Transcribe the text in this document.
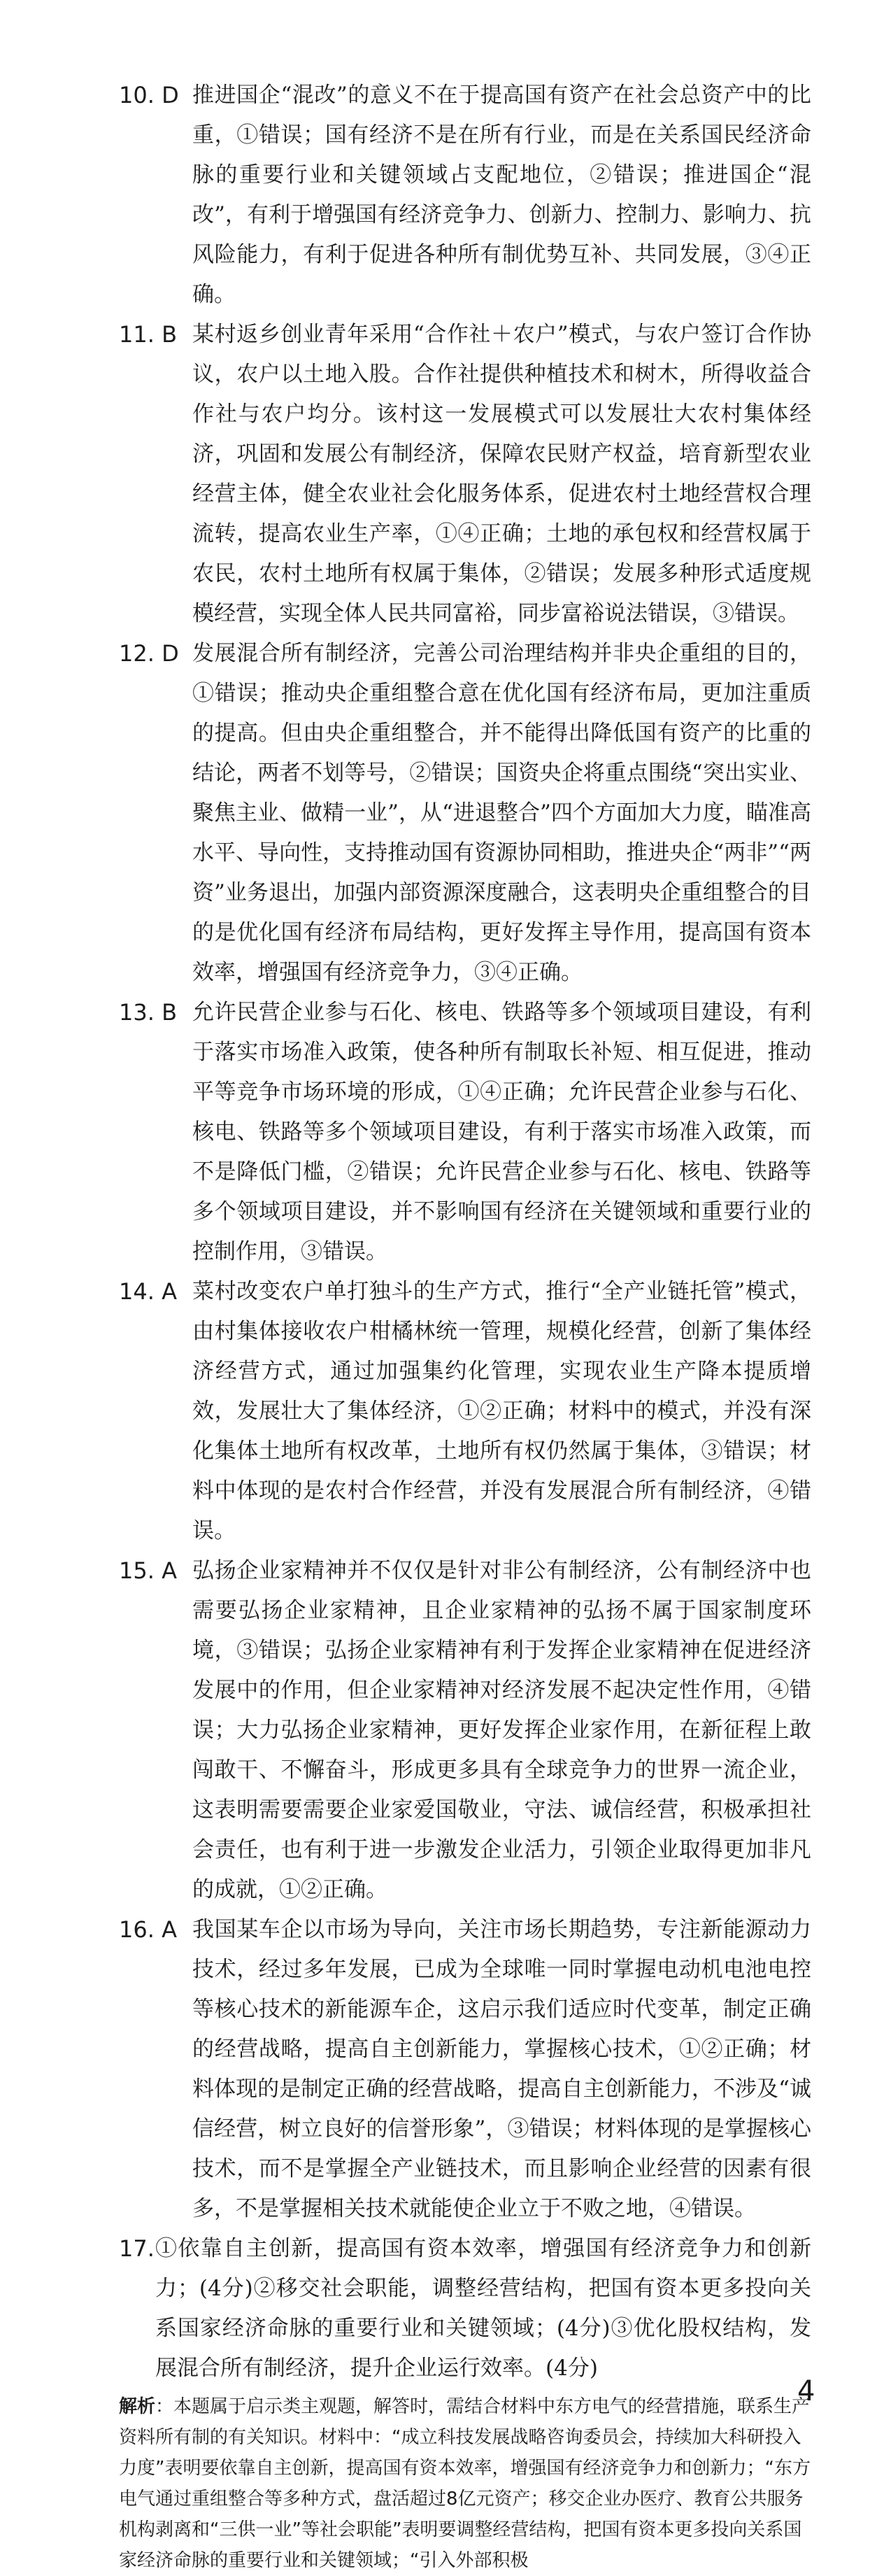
10. D 推进国企“混改”的意义不在于提高国有资产在社会总资产中的比重，①错误；国有经济不是在所有行业，而是在关系国民经济命脉的重要行业和关键领域占支配地位，②错误；推进国企“混改”，有利于增强国有经济竞争力、创新力、控制力、影响力、抗风险能力，有利于促进各种所有制优势互补、共同发展，③④正确。
11. B 某村返乡创业青年采用“合作社＋农户”模式，与农户签订合作协议，农户以土地入股。合作社提供种植技术和树木，所得收益合作社与农户均分。该村这一发展模式可以发展壮大农村集体经济，巩固和发展公有制经济，保障农民财产权益，培育新型农业经营主体，健全农业社会化服务体系，促进农村土地经营权合理流转，提高农业生产率，①④正确；土地的承包权和经营权属于农民，农村土地所有权属于集体，②错误；发展多种形式适度规模经营，实现全体人民共同富裕，同步富裕说法错误，③错误。
12. D 发展混合所有制经济，完善公司治理结构并非央企重组的目的，①错误；推动央企重组整合意在优化国有经济布局，更加注重质的提高。但由央企重组整合，并不能得出降低国有资产的比重的结论，两者不划等号，②错误；国资央企将重点围绕“突出实业、聚焦主业、做精一业”，从“进退整合”四个方面加大力度，瞄准高水平、导向性，支持推动国有资源协同相助，推进央企“两非”“两资”业务退出，加强内部资源深度融合，这表明央企重组整合的目的是优化国有经济布局结构，更好发挥主导作用，提高国有资本效率，增强国有经济竞争力，③④正确。
13. B 允许民营企业参与石化、核电、铁路等多个领域项目建设，有利于落实市场准入政策，使各种所有制取长补短、相互促进，推动平等竞争市场环境的形成，①④正确；允许民营企业参与石化、核电、铁路等多个领域项目建设，有利于落实市场准入政策，而不是降低门槛，②错误；允许民营企业参与石化、核电、铁路等多个领域项目建设，并不影响国有经济在关键领域和重要行业的控制作用，③错误。
14. A 菜村改变农户单打独斗的生产方式，推行“全产业链托管”模式，由村集体接收农户柑橘林统一管理，规模化经营，创新了集体经济经营方式，通过加强集约化管理，实现农业生产降本提质增效，发展壮大了集体经济，①②正确；材料中的模式，并没有深化集体土地所有权改革，土地所有权仍然属于集体，③错误；材料中体现的是农村合作经营，并没有发展混合所有制经济，④错误。
15. A 弘扬企业家精神并不仅仅是针对非公有制经济，公有制经济中也需要弘扬企业家精神，且企业家精神的弘扬不属于国家制度环境，③错误；弘扬企业家精神有利于发挥企业家精神在促进经济发展中的作用，但企业家精神对经济发展不起决定性作用，④错误；大力弘扬企业家精神，更好发挥企业家作用，在新征程上敢闯敢干、不懈奋斗，形成更多具有全球竞争力的世界一流企业，这表明需要需要企业家爱国敬业，守法、诚信经营，积极承担社会责任，也有利于进一步激发企业活力，引领企业取得更加非凡的成就，①②正确。
16. A 我国某车企以市场为导向，关注市场长期趋势，专注新能源动力技术，经过多年发展，已成为全球唯一同时掌握电动机电池电控等核心技术的新能源车企，这启示我们适应时代变革，制定正确的经营战略，提高自主创新能力，掌握核心技术，①②正确；材料体现的是制定正确的经营战略，提高自主创新能力，不涉及“诚信经营，树立良好的信誉形象”，③错误；材料体现的是掌握核心技术，而不是掌握全产业链技术，而且影响企业经营的因素有很多，不是掌握相关技术就能使企业立于不败之地，④错误。
17. ①依靠自主创新，提高国有资本效率，增强国有经济竞争力和创新力；(4分)②移交社会职能，调整经营结构，把国有资本更多投向关系国家经济命脉的重要行业和关键领域；(4分)③优化股权结构，发展混合所有制经济，提升企业运行效率。(4分)
解析：本题属于启示类主观题，解答时，需结合材料中东方电气的经营措施，联系生产资料所有制的有关知识。材料中：“成立科技发展战略咨询委员会，持续加大科研投入力度”表明要依靠自主创新，提高国有资本效率，增强国有经济竞争力和创新力；“东方电气通过重组整合等多种方式，盘活超过8亿元资产；移交企业办医疗、教育公共服务机构剥离和“三供一业”等社会职能”表明要调整经营结构，把国有资本更多投向关系国家经济命脉的重要行业和关键领域；“引入外部积极
4
